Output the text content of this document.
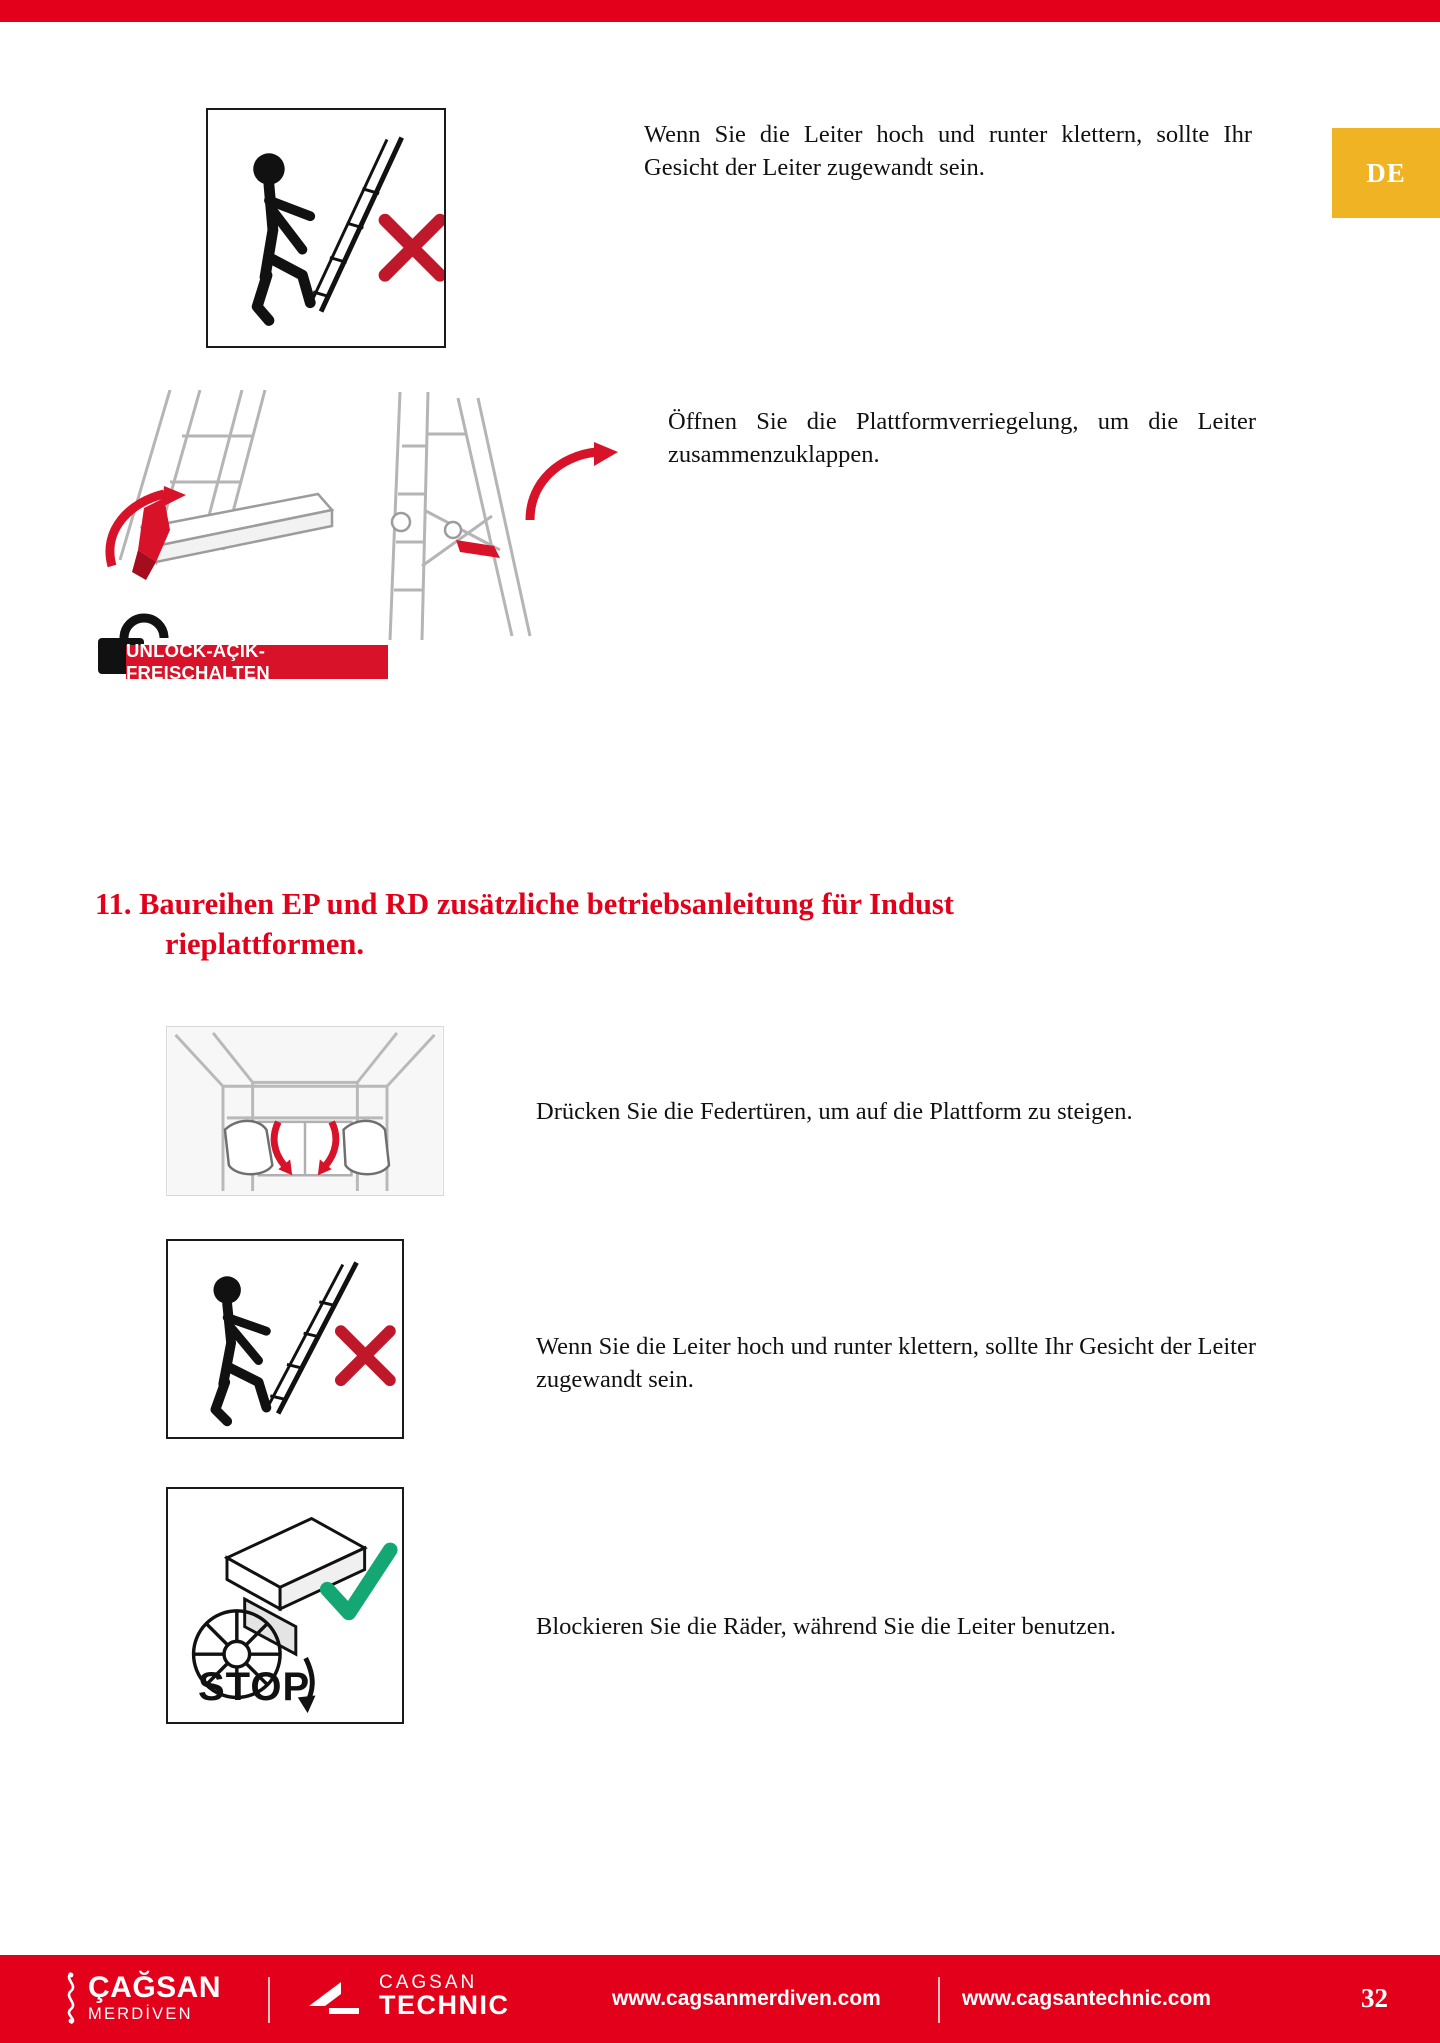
DE
Wenn Sie die Leiter hoch und runter klettern, sollte Ihr Gesicht der Leiter zugewandt sein.
UNLOCK-AÇIK-FREISCHALTEN
Öffnen Sie die Plattformverriegelung, um die Leiter zusammenzuklappen.
11. Baureihen EP und RD zusätzliche betriebsanleitung für Indust
rieplattformen.
Drücken Sie die Federtüren, um auf die Plattform zu steigen.
Wenn Sie die Leiter hoch und runter klettern, sollte Ihr Gesicht der Leiter zugewandt sein.
STOP
Blockieren Sie die Räder, während Sie die Leiter benutzen.
ÇAĞSAN
MERDİVEN
CAGSAN
TECHNIC	www.cagsanmerdiven.com	www.cagsantechnic.com	32
